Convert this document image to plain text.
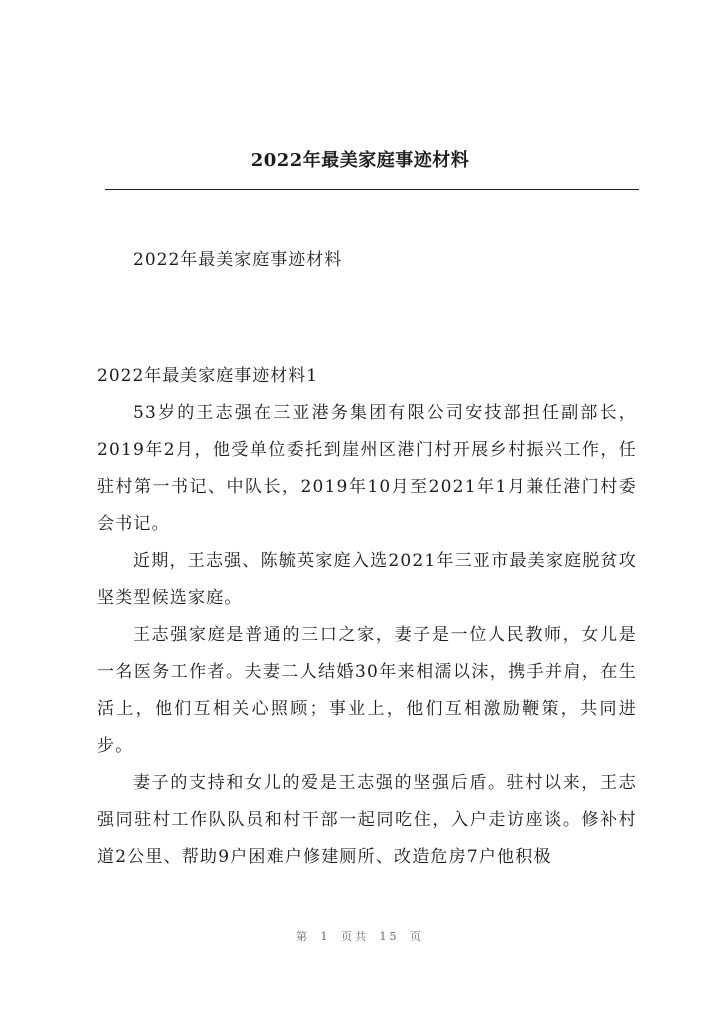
2022年最美家庭事迹材料
2022年最美家庭事迹材料

2022年最美家庭事迹材料1

53岁的王志强在三亚港务集团有限公司安技部担任副部长，2019年2月，他受单位委托到崖州区港门村开展乡村振兴工作，任驻村第一书记、中队长，2019年10月至2021年1月兼任港门村委会书记。

近期，王志强、陈毓英家庭入选2021年三亚市最美家庭脱贫攻坚类型候选家庭。

王志强家庭是普通的三口之家，妻子是一位人民教师，女儿是一名医务工作者。夫妻二人结婚30年来相濡以沫，携手并肩，在生活上，他们互相关心照顾；事业上，他们互相激励鞭策，共同进步。

妻子的支持和女儿的爱是王志强的坚强后盾。驻村以来，王志强同驻村工作队队员和村干部一起同吃住，入户走访座谈。修补村道2公里、帮助9户困难户修建厕所、改造危房7户他积极

第 1 页共 15 页
